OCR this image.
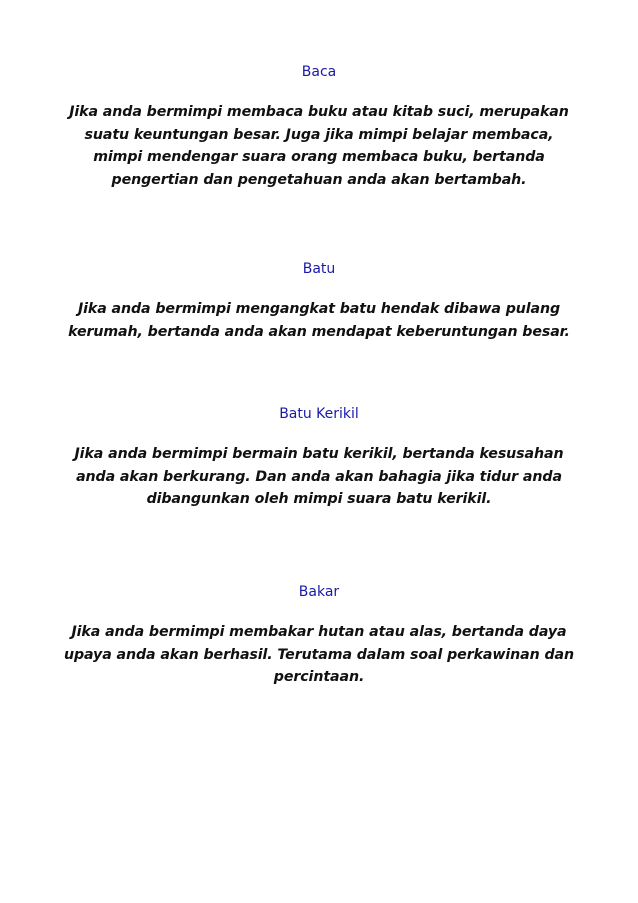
Baca

Jika anda bermimpi membaca buku atau kitab suci, merupakan suatu keuntungan besar. Juga jika mimpi belajar membaca, mimpi mendengar suara orang membaca buku, bertanda pengertian dan pengetahuan anda akan bertambah.

Batu

Jika anda bermimpi mengangkat batu hendak dibawa pulang kerumah, bertanda anda akan mendapat keberuntungan besar.

Batu Kerikil

Jika anda bermimpi bermain batu kerikil, bertanda kesusahan anda akan berkurang. Dan anda akan bahagia jika tidur anda dibangunkan oleh mimpi suara batu kerikil.

Bakar

Jika anda bermimpi membakar hutan atau alas, bertanda daya upaya anda akan berhasil. Terutama dalam soal perkawinan dan percintaan.
